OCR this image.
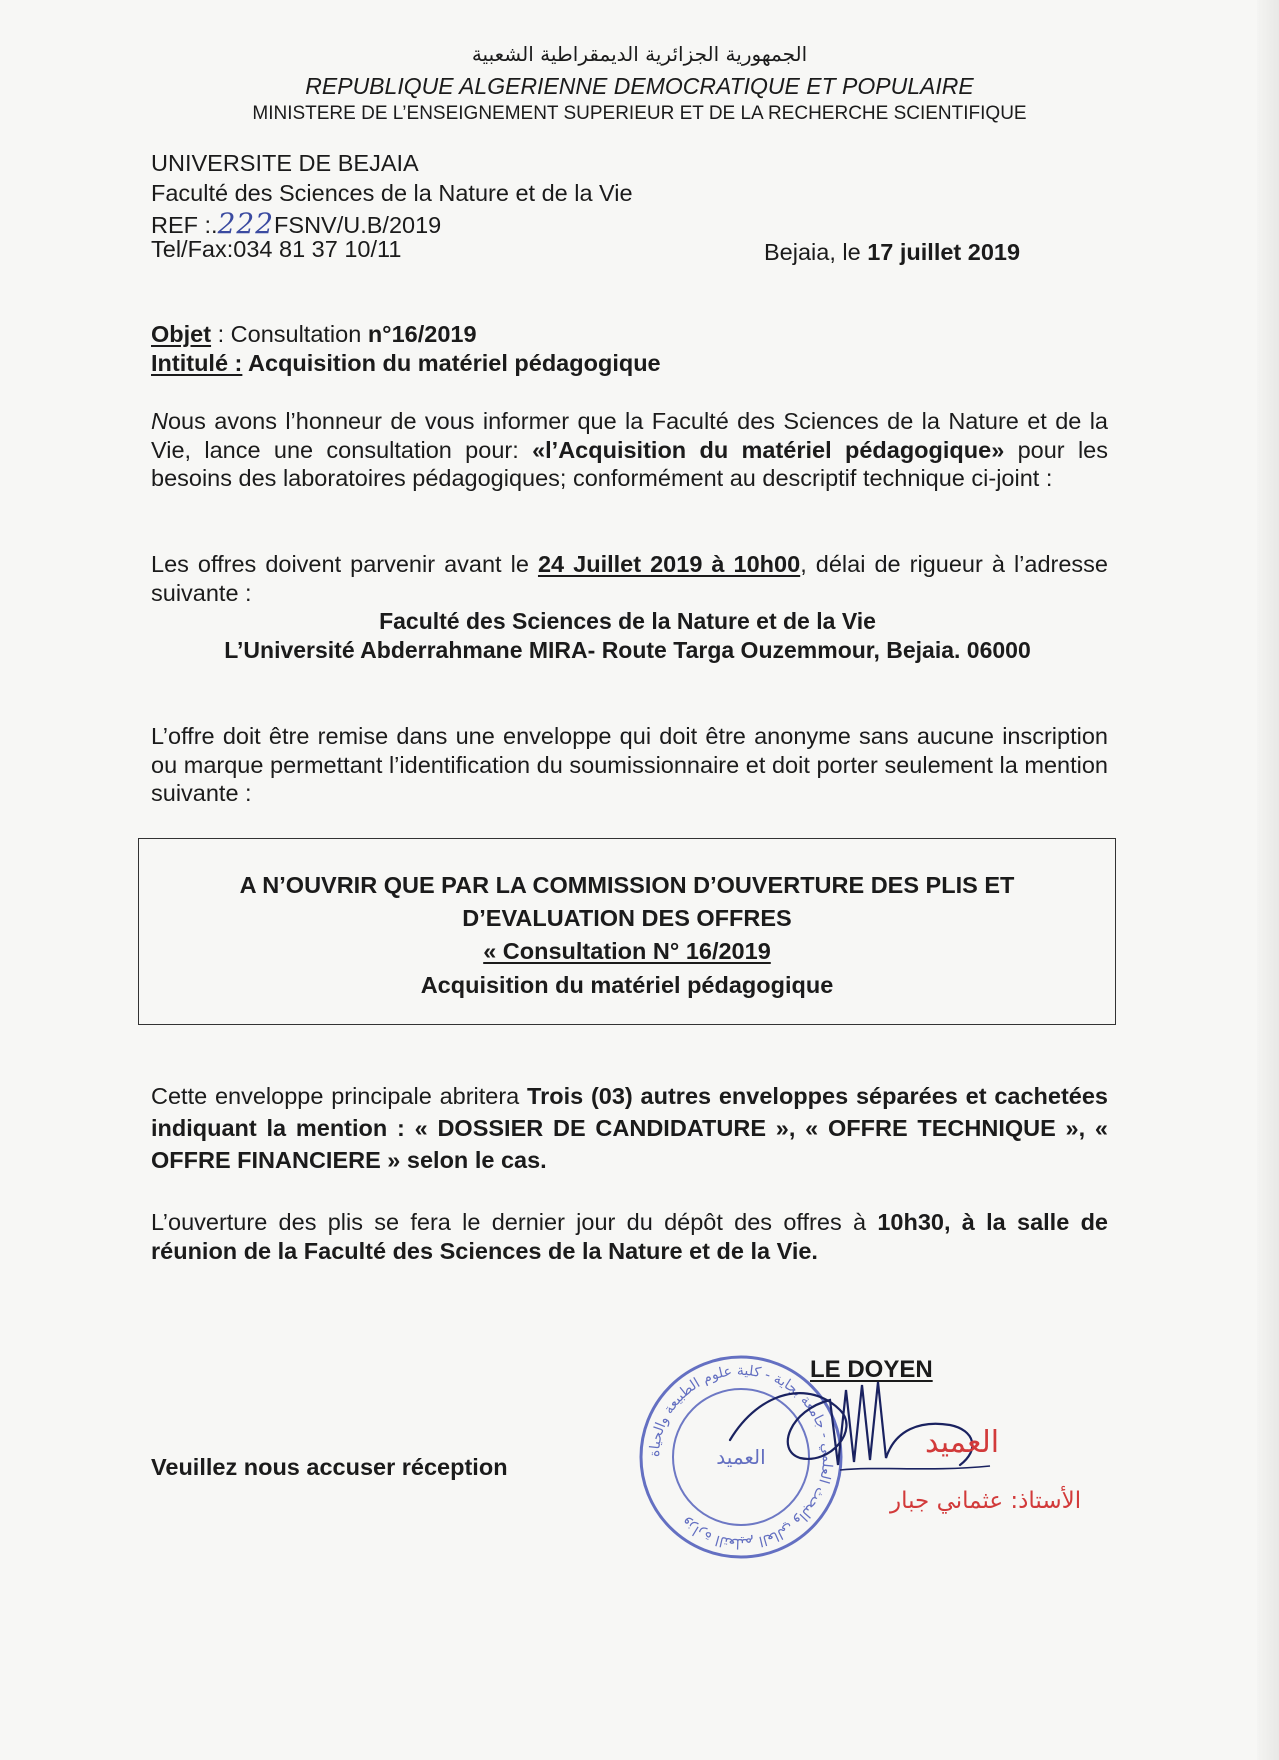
الجمهورية الجزائرية الديمقراطية الشعبية
REPUBLIQUE ALGERIENNE DEMOCRATIQUE ET POPULAIRE
MINISTERE DE L’ENSEIGNEMENT SUPERIEUR ET DE LA RECHERCHE SCIENTIFIQUE
UNIVERSITE DE BEJAIA
Faculté des Sciences de la Nature et de la Vie
REF :.222FSNV/U.B/2019
Tel/Fax:034 81 37 10/11	Bejaia, le 17 juillet 2019
Objet : Consultation n°16/2019
Intitulé : Acquisition du matériel pédagogique
Nous avons l’honneur de vous informer que la Faculté des Sciences de la Nature et de la Vie, lance une consultation pour: «l’Acquisition du matériel pédagogique» pour les besoins des laboratoires pédagogiques; conformément au descriptif technique ci-joint :
Les offres doivent parvenir avant le 24 Juillet 2019 à 10h00, délai de rigueur à l’adresse suivante :
Faculté des Sciences de la Nature et de la Vie
L’Université Abderrahmane MIRA- Route Targa Ouzemmour, Bejaia. 06000
L’offre doit être remise dans une enveloppe qui doit être anonyme sans aucune inscription ou marque permettant l’identification du soumissionnaire et doit porter seulement la mention suivante :
A N’OUVRIR QUE PAR LA COMMISSION D’OUVERTURE DES PLIS ET
D’EVALUATION DES OFFRES
« Consultation N° 16/2019
Acquisition du matériel pédagogique
Cette enveloppe principale abritera Trois (03) autres enveloppes séparées et cachetées indiquant la mention : « DOSSIER DE CANDIDATURE », « OFFRE TECHNIQUE », « OFFRE FINANCIERE » selon le cas.
L’ouverture des plis se fera le dernier jour du dépôt des offres à 10h30, à la salle de réunion de la Faculté des Sciences de la Nature et de la Vie.
Veuillez nous accuser réception
وزارة التعليم العالي والبحث العلمي - جامعة بجاية - كلية علوم الطبيعة والحياة
العميد
LE DOYEN
العميد
الأستاذ: عثماني جبار
